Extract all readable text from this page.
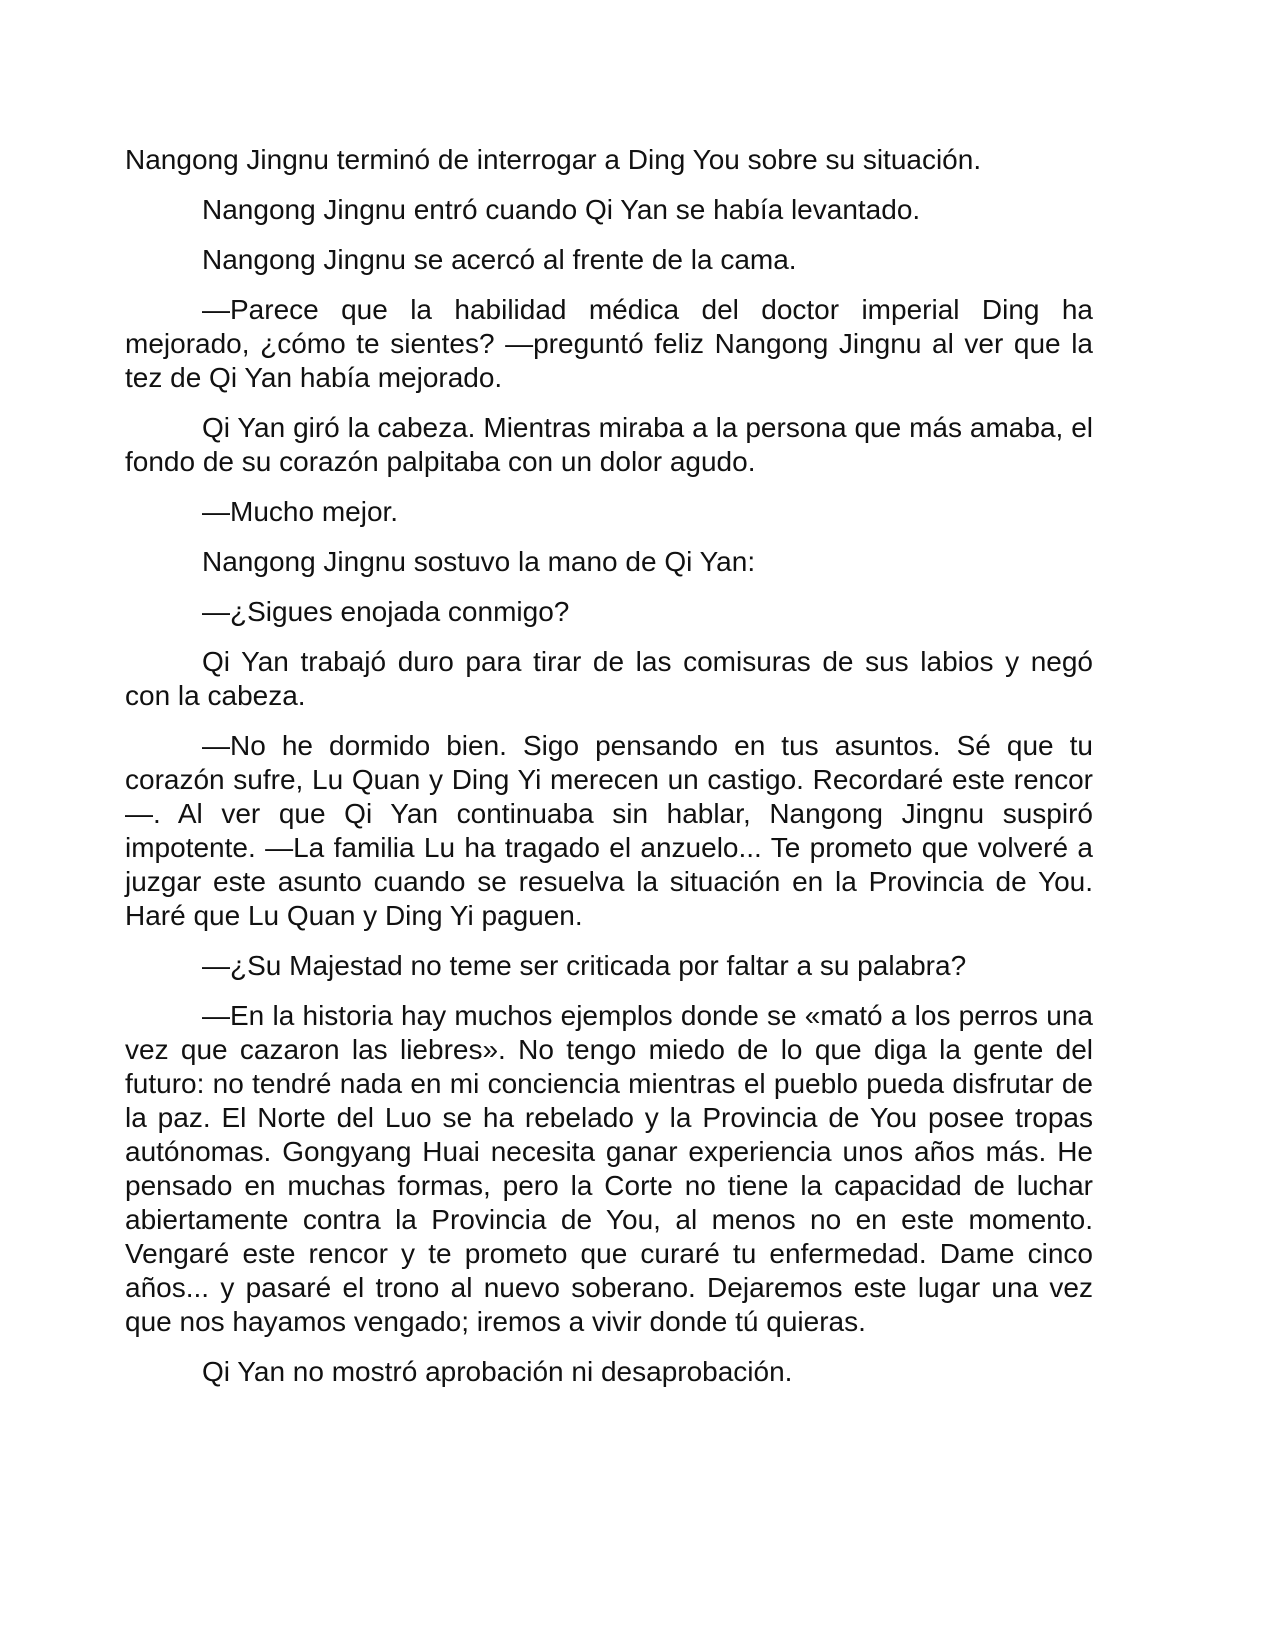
Nangong Jingnu terminó de interrogar a Ding You sobre su situación.

Nangong Jingnu entró cuando Qi Yan se había levantado.

Nangong Jingnu se acercó al frente de la cama.

—Parece que la habilidad médica del doctor imperial Ding ha mejorado, ¿cómo te sientes? —preguntó feliz Nangong Jingnu al ver que la tez de Qi Yan había mejorado.

Qi Yan giró la cabeza. Mientras miraba a la persona que más amaba, el fondo de su corazón palpitaba con un dolor agudo.

—Mucho mejor.

Nangong Jingnu sostuvo la mano de Qi Yan:

—¿Sigues enojada conmigo?

Qi Yan trabajó duro para tirar de las comisuras de sus labios y negó con la cabeza.

—No he dormido bien. Sigo pensando en tus asuntos. Sé que tu corazón sufre, Lu Quan y Ding Yi merecen un castigo. Recordaré este rencor —. Al ver que Qi Yan continuaba sin hablar, Nangong Jingnu suspiró impotente. —La familia Lu ha tragado el anzuelo... Te prometo que volveré a juzgar este asunto cuando se resuelva la situación en la Provincia de You. Haré que Lu Quan y Ding Yi paguen.

—¿Su Majestad no teme ser criticada por faltar a su palabra?

—En la historia hay muchos ejemplos donde se «mató a los perros una vez que cazaron las liebres». No tengo miedo de lo que diga la gente del futuro: no tendré nada en mi conciencia mientras el pueblo pueda disfrutar de la paz. El Norte del Luo se ha rebelado y la Provincia de You posee tropas autónomas. Gongyang Huai necesita ganar experiencia unos años más. He pensado en muchas formas, pero la Corte no tiene la capacidad de luchar abiertamente contra la Provincia de You, al menos no en este momento. Vengaré este rencor y te prometo que curaré tu enfermedad. Dame cinco años... y pasaré el trono al nuevo soberano. Dejaremos este lugar una vez que nos hayamos vengado; iremos a vivir donde tú quieras.

Qi Yan no mostró aprobación ni desaprobación.
